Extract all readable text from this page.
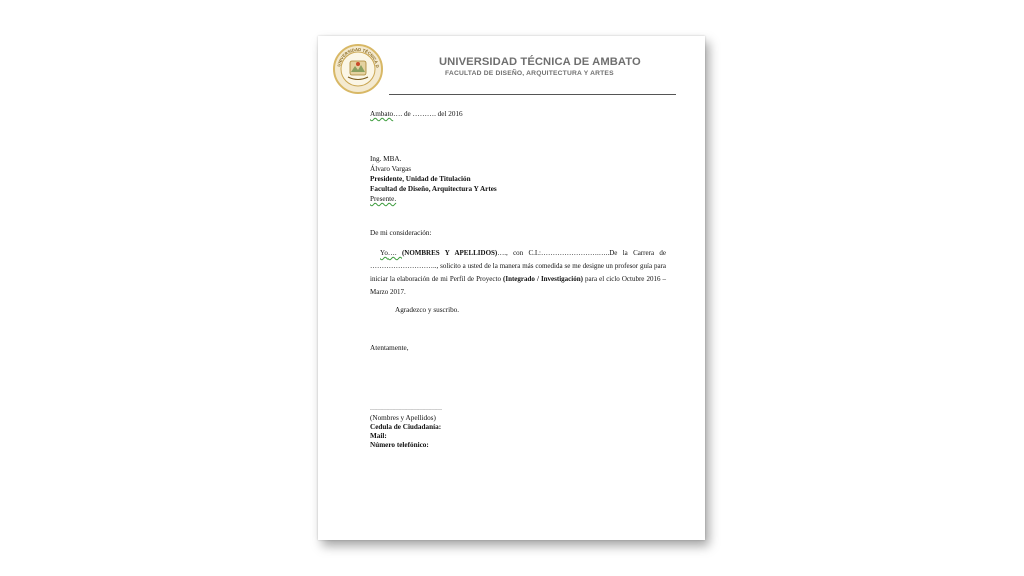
UNIVERSIDAD TÉCNICA D	UNIVERSIDAD TÉCNICA DE AMBATO
FACULTAD DE DISEÑO, ARQUITECTURA Y ARTES
Ambato…. de ………. del 2016
Ing. MBA.
Álvaro Vargas
Presidente, Unidad de Titulación
Facultad de Diseño, Arquitectura Y Artes
Presente.
De mi consideración:
Yo…. (NOMBRES Y APELLIDOS)…., con C.I.:…………………….…..De la Carrera de ……………………….., solicito a usted de la manera más comedida se me designe un profesor guía para iniciar la elaboración de mi Perfil de Proyecto (Integrado / Investigación) para el ciclo Octubre 2016 – Marzo 2017.
Agradezco y suscribo.
Atentamente,
………………………………
(Nombres y Apellidos)
Cedula de Ciudadanía:
Mail:
Número telefónico:
